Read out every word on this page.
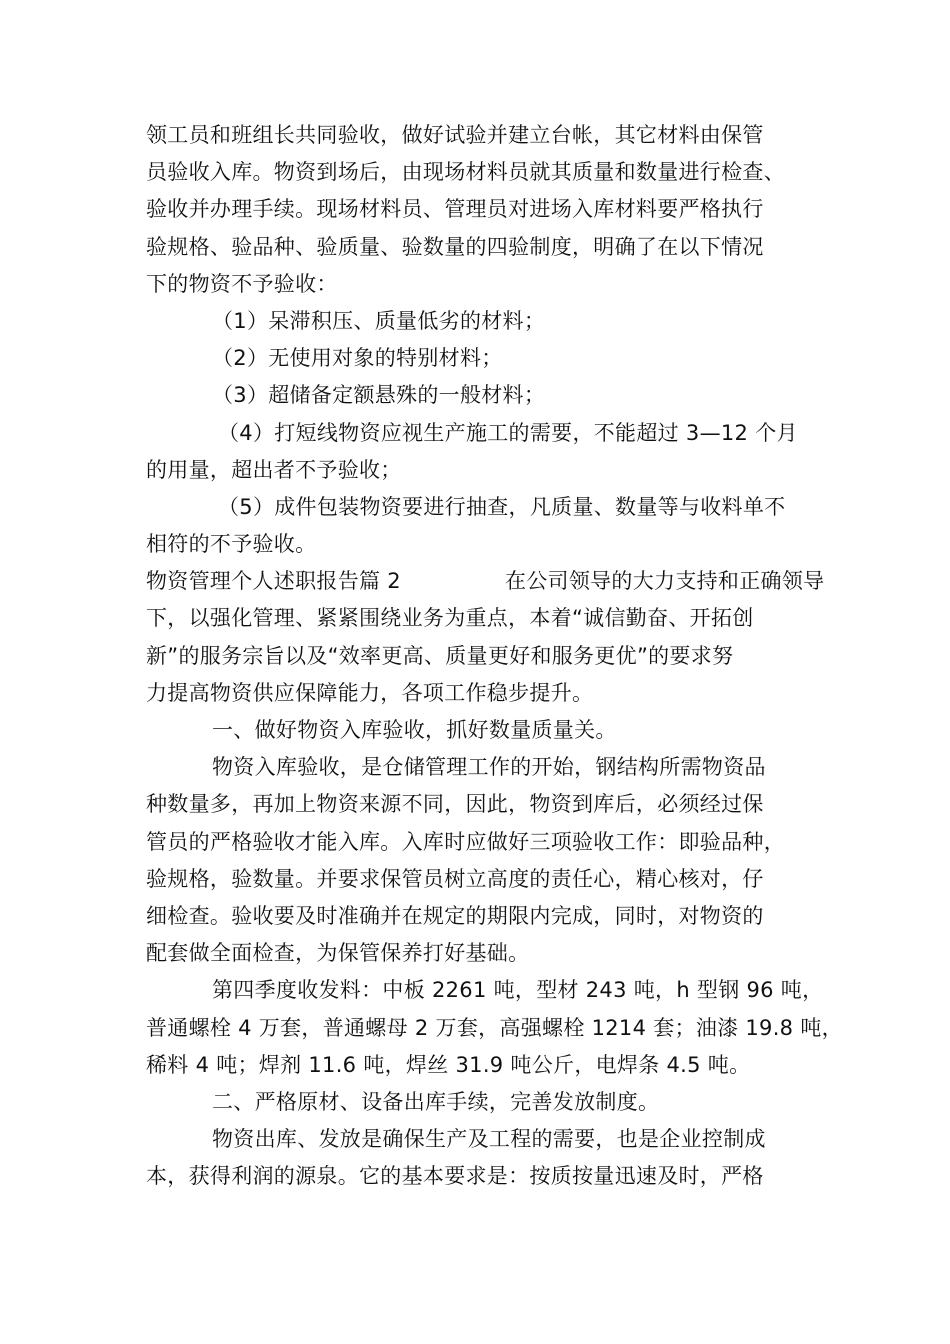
领工员和班组长共同验收，做好试验并建立台帐，其它材料由保管
员验收入库。物资到场后，由现场材料员就其质量和数量进行检查、
验收并办理手续。现场材料员、管理员对进场入库材料要严格执行
验规格、验品种、验质量、验数量的四验制度，明确了在以下情况
下的物资不予验收：
（1）呆滞积压、质量低劣的材料；
（2）无使用对象的特别材料；
（3）超储备定额悬殊的一般材料；
（4）打短线物资应视生产施工的需要，不能超过 3—12 个月
的用量，超出者不予验收；
（5）成件包装物资要进行抽查，凡质量、数量等与收料单不
相符的不予验收。
物资管理个人述职报告篇 2	在公司领导的大力支持和正确领导
下，以强化管理、紧紧围绕业务为重点，本着“诚信勤奋、开拓创
新”的服务宗旨以及“效率更高、质量更好和服务更优”的要求努
力提高物资供应保障能力，各项工作稳步提升。
一、做好物资入库验收，抓好数量质量关。
物资入库验收，是仓储管理工作的开始，钢结构所需物资品
种数量多，再加上物资来源不同，因此，物资到库后，必须经过保
管员的严格验收才能入库。入库时应做好三项验收工作：即验品种，
验规格，验数量。并要求保管员树立高度的责任心，精心核对，仔
细检查。验收要及时准确并在规定的期限内完成，同时，对物资的
配套做全面检查，为保管保养打好基础。
第四季度收发料：中板 2261 吨，型材 243 吨，h 型钢 96 吨，
普通螺栓 4 万套，普通螺母 2 万套，高强螺栓 1214 套；油漆 19.8 吨，
稀料 4 吨；焊剂 11.6 吨，焊丝 31.9 吨公斤，电焊条 4.5 吨。
二、严格原材、设备出库手续，完善发放制度。
物资出库、发放是确保生产及工程的需要，也是企业控制成
本，获得利润的源泉。它的基本要求是：按质按量迅速及时，严格
